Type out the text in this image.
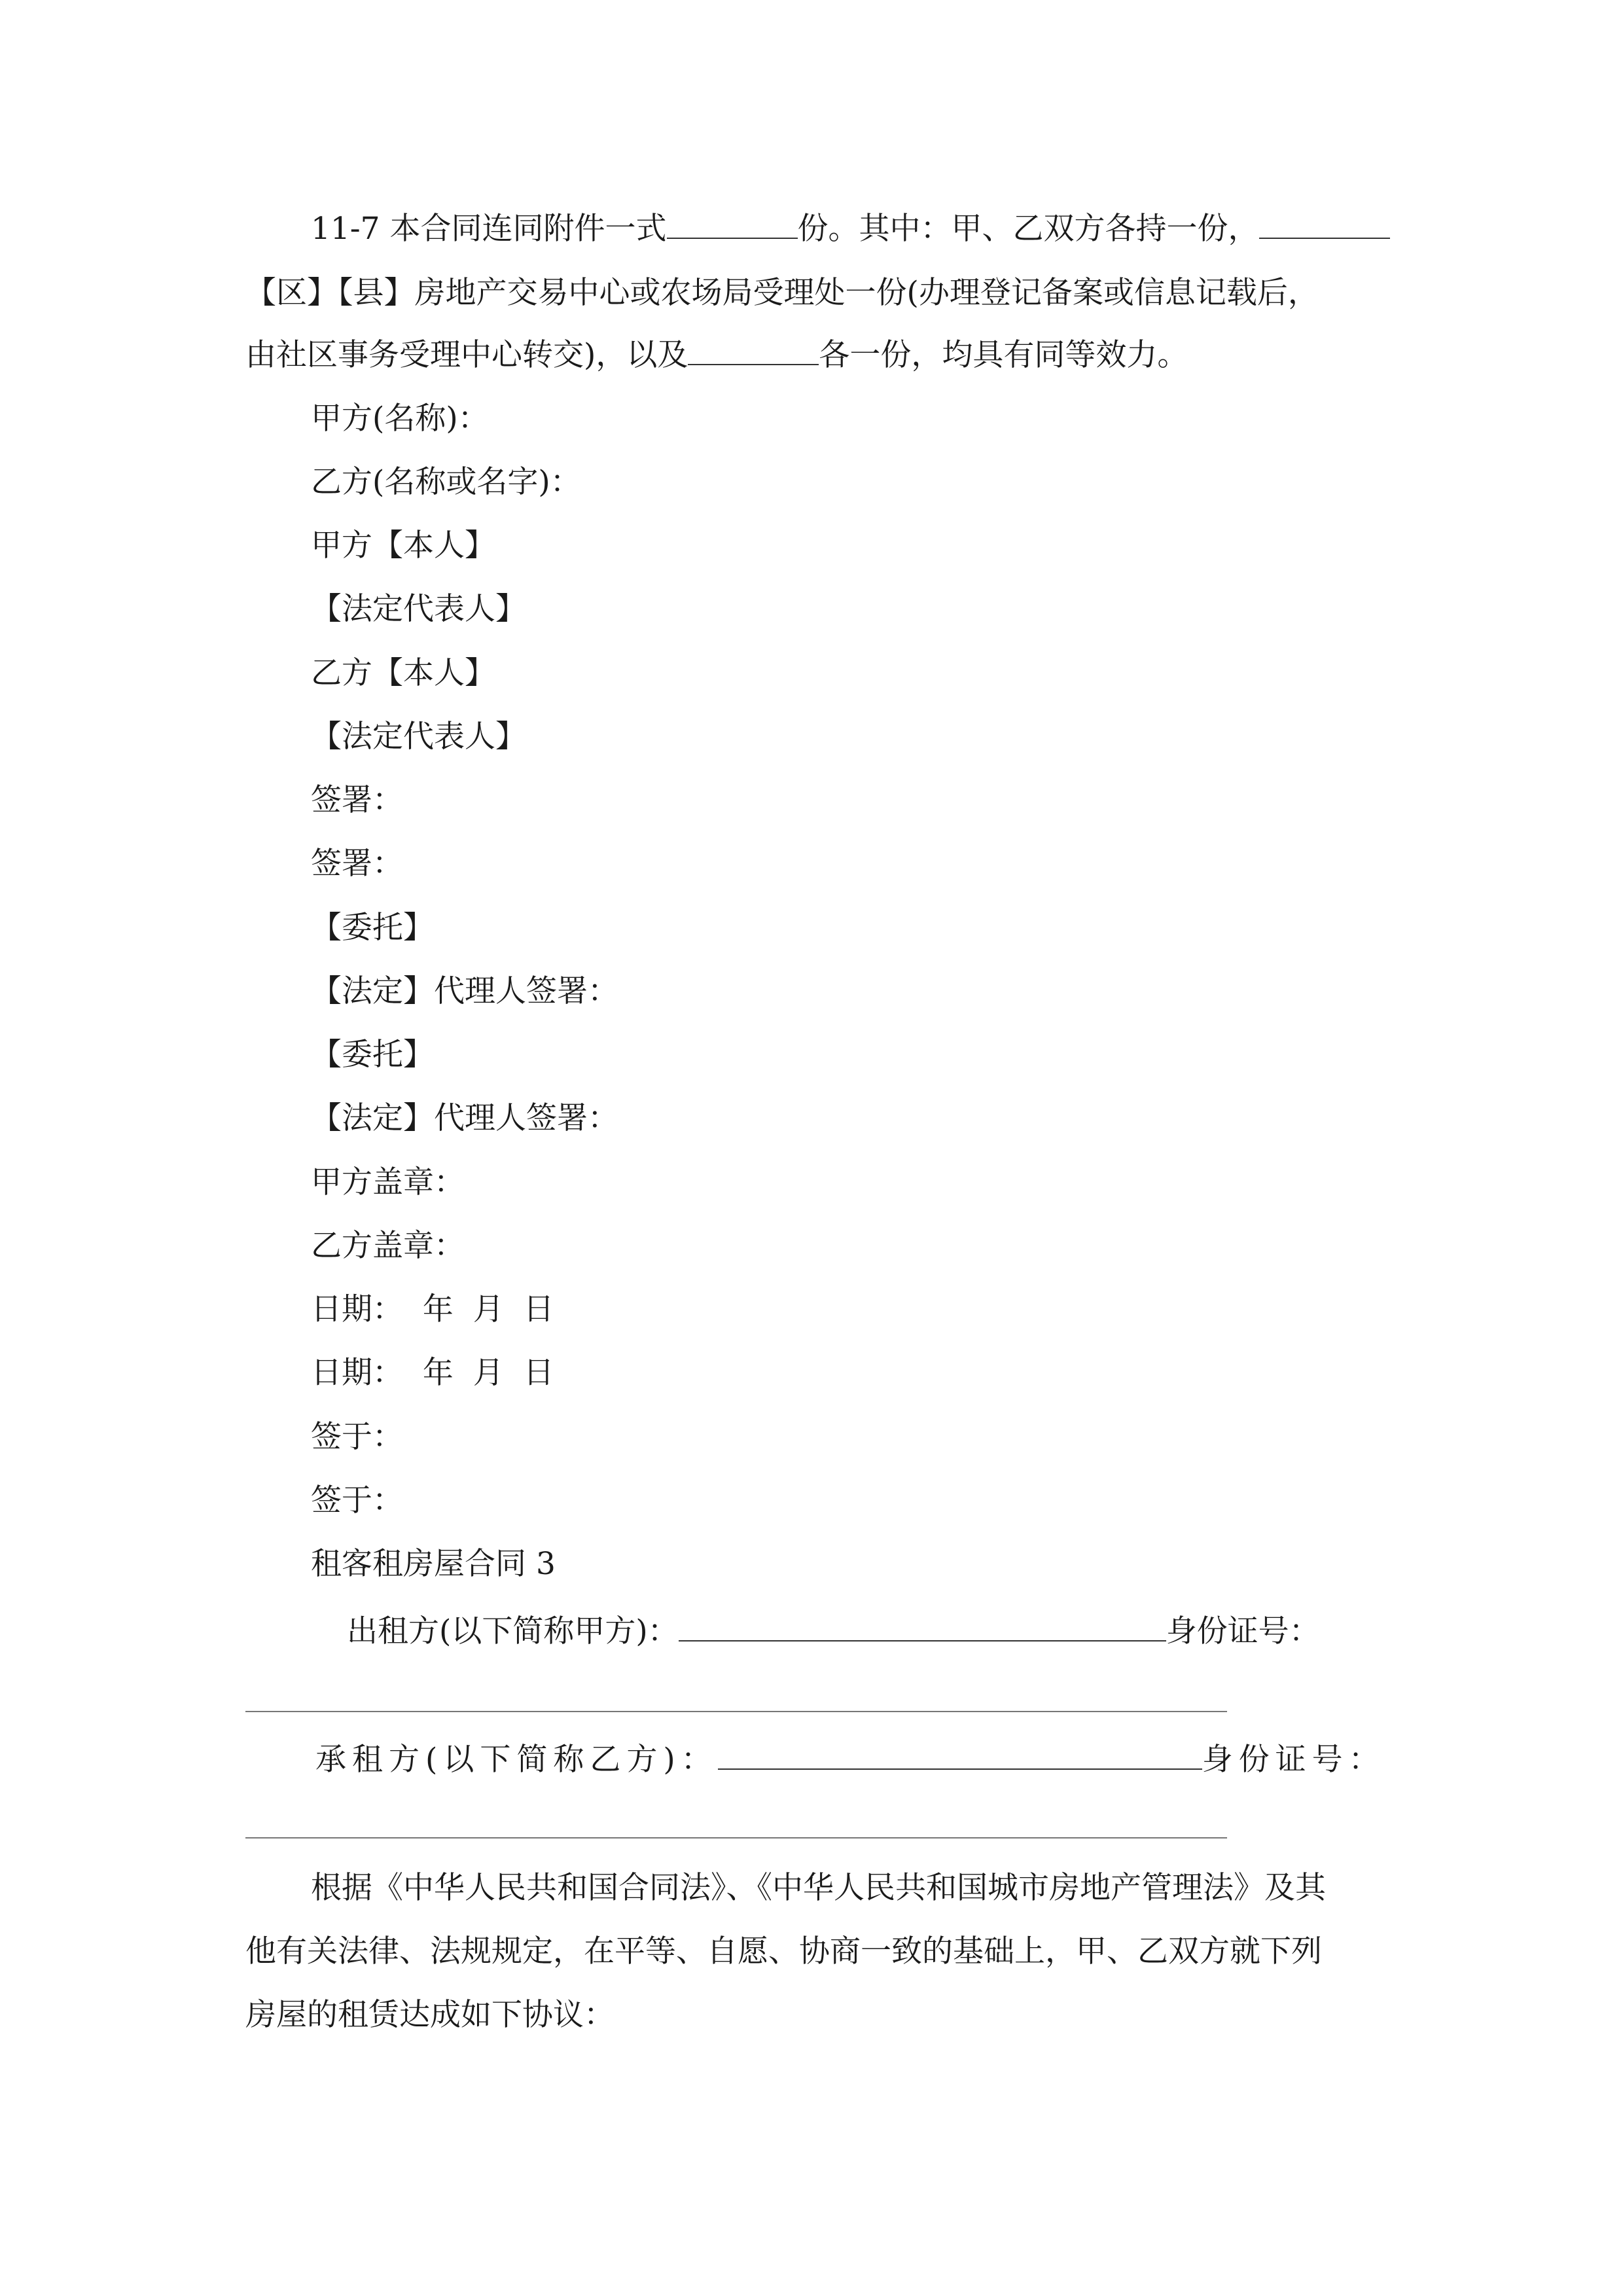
11-7 本合同连同附件一式	份。其中：甲、乙双方各持一份，
【区】【县】房地产交易中心或农场局受理处一份(办理登记备案或信息记载后，
由社区事务受理中心转交)，以及	各一份，均具有同等效力。
甲方(名称)：
乙方(名称或名字)：
甲方【本人】
【法定代表人】
乙方【本人】
【法定代表人】
签署：
签署：
【委托】
【法定】代理人签署：
【委托】
【法定】代理人签署：
甲方盖章：
乙方盖章：
日期：  年  月  日
日期：  年  月  日
签于：
签于：
租客租房屋合同 3
出租方(以下简称甲方)：	身份证号：
承租方(以下简称乙方)：	身份证号：
根据《中华人民共和国合同法》、《中华人民共和国城市房地产管理法》及其
他有关法律、法规规定，在平等、自愿、协商一致的基础上，甲、乙双方就下列
房屋的租赁达成如下协议：
